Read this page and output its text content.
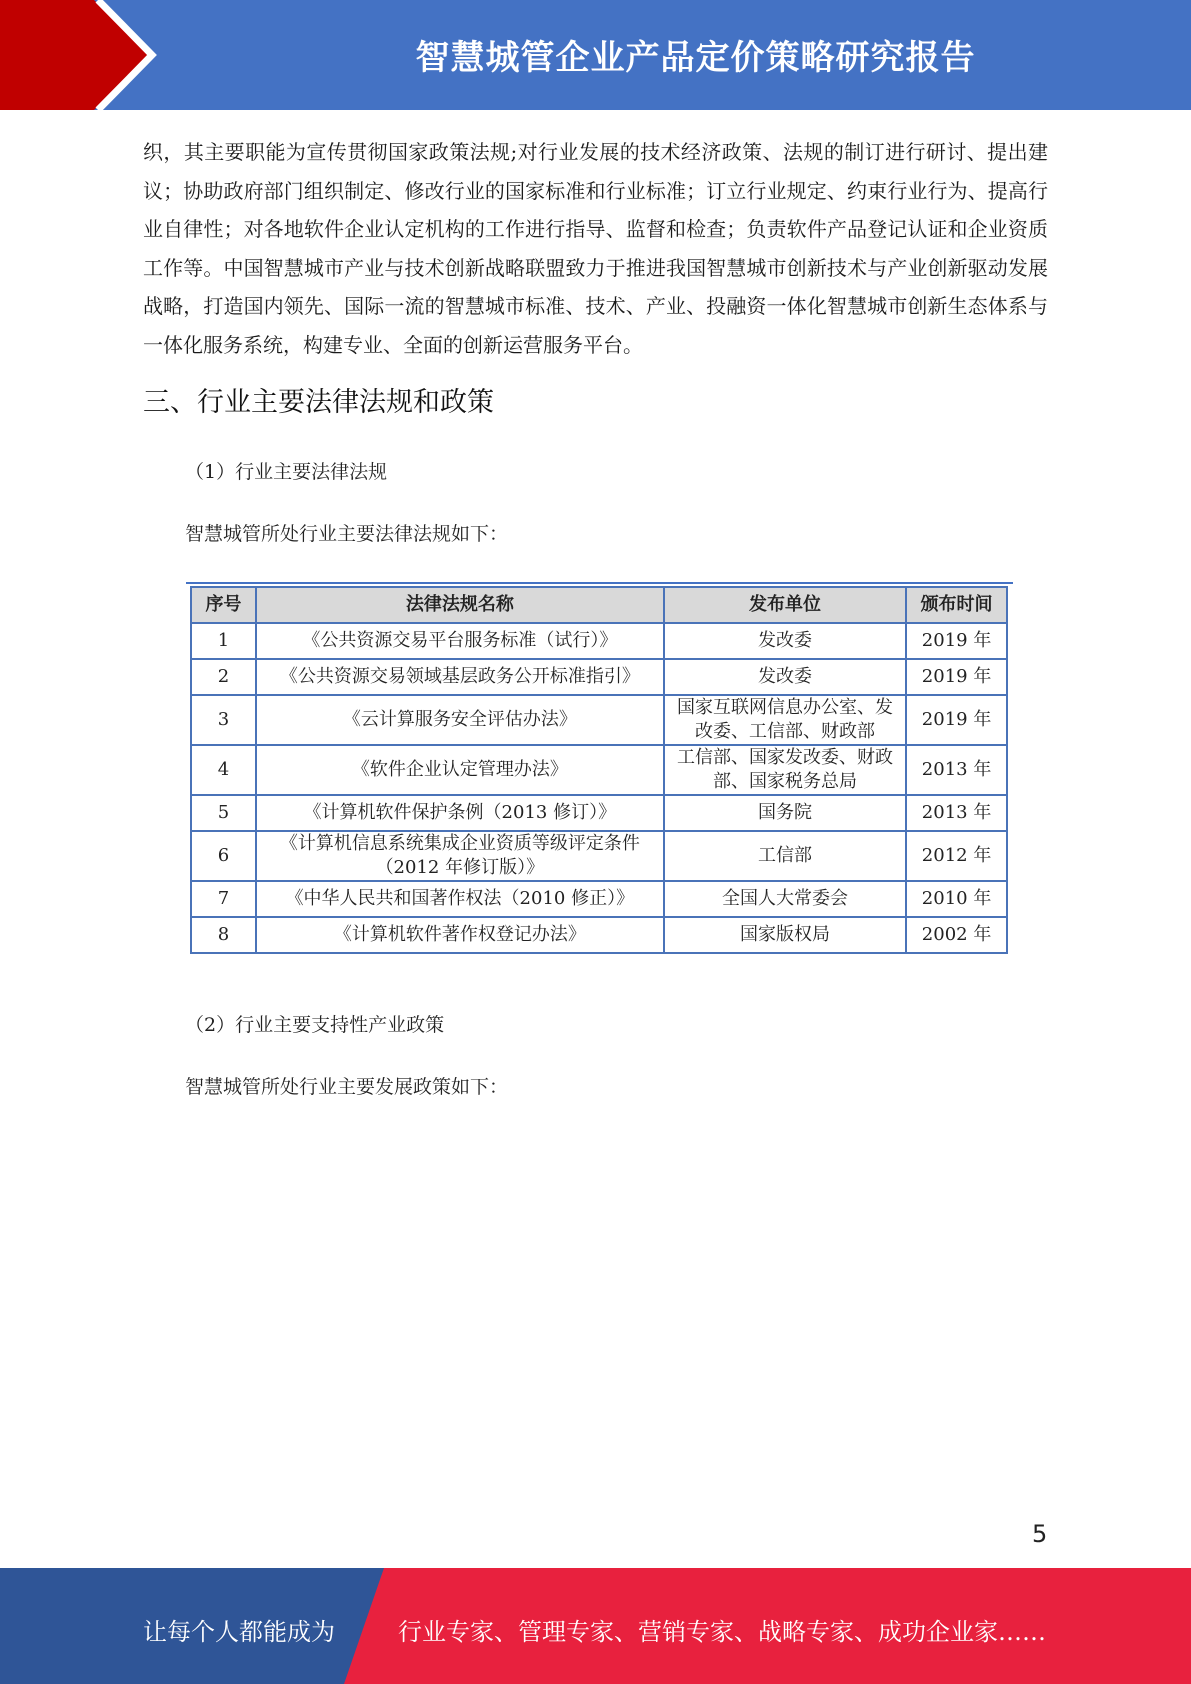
智慧城管企业产品定价策略研究报告

织，其主要职能为宣传贯彻国家政策法规;对行业发展的技术经济政策、法规的制订进行研讨、提出建议；协助政府部门组织制定、修改行业的国家标准和行业标准；订立行业规定、约束行业行为、提高行业自律性；对各地软件企业认定机构的工作进行指导、监督和检查；负责软件产品登记认证和企业资质工作等。中国智慧城市产业与技术创新战略联盟致力于推进我国智慧城市创新技术与产业创新驱动发展战略，打造国内领先、国际一流的智慧城市标准、技术、产业、投融资一体化智慧城市创新生态体系与一体化服务系统，构建专业、全面的创新运营服务平台。

三、行业主要法律法规和政策

（1）行业主要法律法规

智慧城管所处行业主要法律法规如下：

序号	法律法规名称	发布单位	颁布时间
1	《公共资源交易平台服务标准（试行）》	发改委	2019 年
2	《公共资源交易领域基层政务公开标准指引》	发改委	2019 年
3	《云计算服务安全评估办法》	国家互联网信息办公室、发改委、工信部、财政部	2019 年
4	《软件企业认定管理办法》	工信部、国家发改委、财政部、国家税务总局	2013 年
5	《计算机软件保护条例（2013 修订）》	国务院	2013 年
6	《计算机信息系统集成企业资质等级评定条件（2012 年修订版）》	工信部	2012 年
7	《中华人民共和国著作权法（2010 修正）》	全国人大常委会	2010 年
8	《计算机软件著作权登记办法》	国家版权局	2002 年

（2）行业主要支持性产业政策

智慧城管所处行业主要发展政策如下：

5
让每个人都能成为	行业专家、管理专家、营销专家、战略专家、成功企业家……
